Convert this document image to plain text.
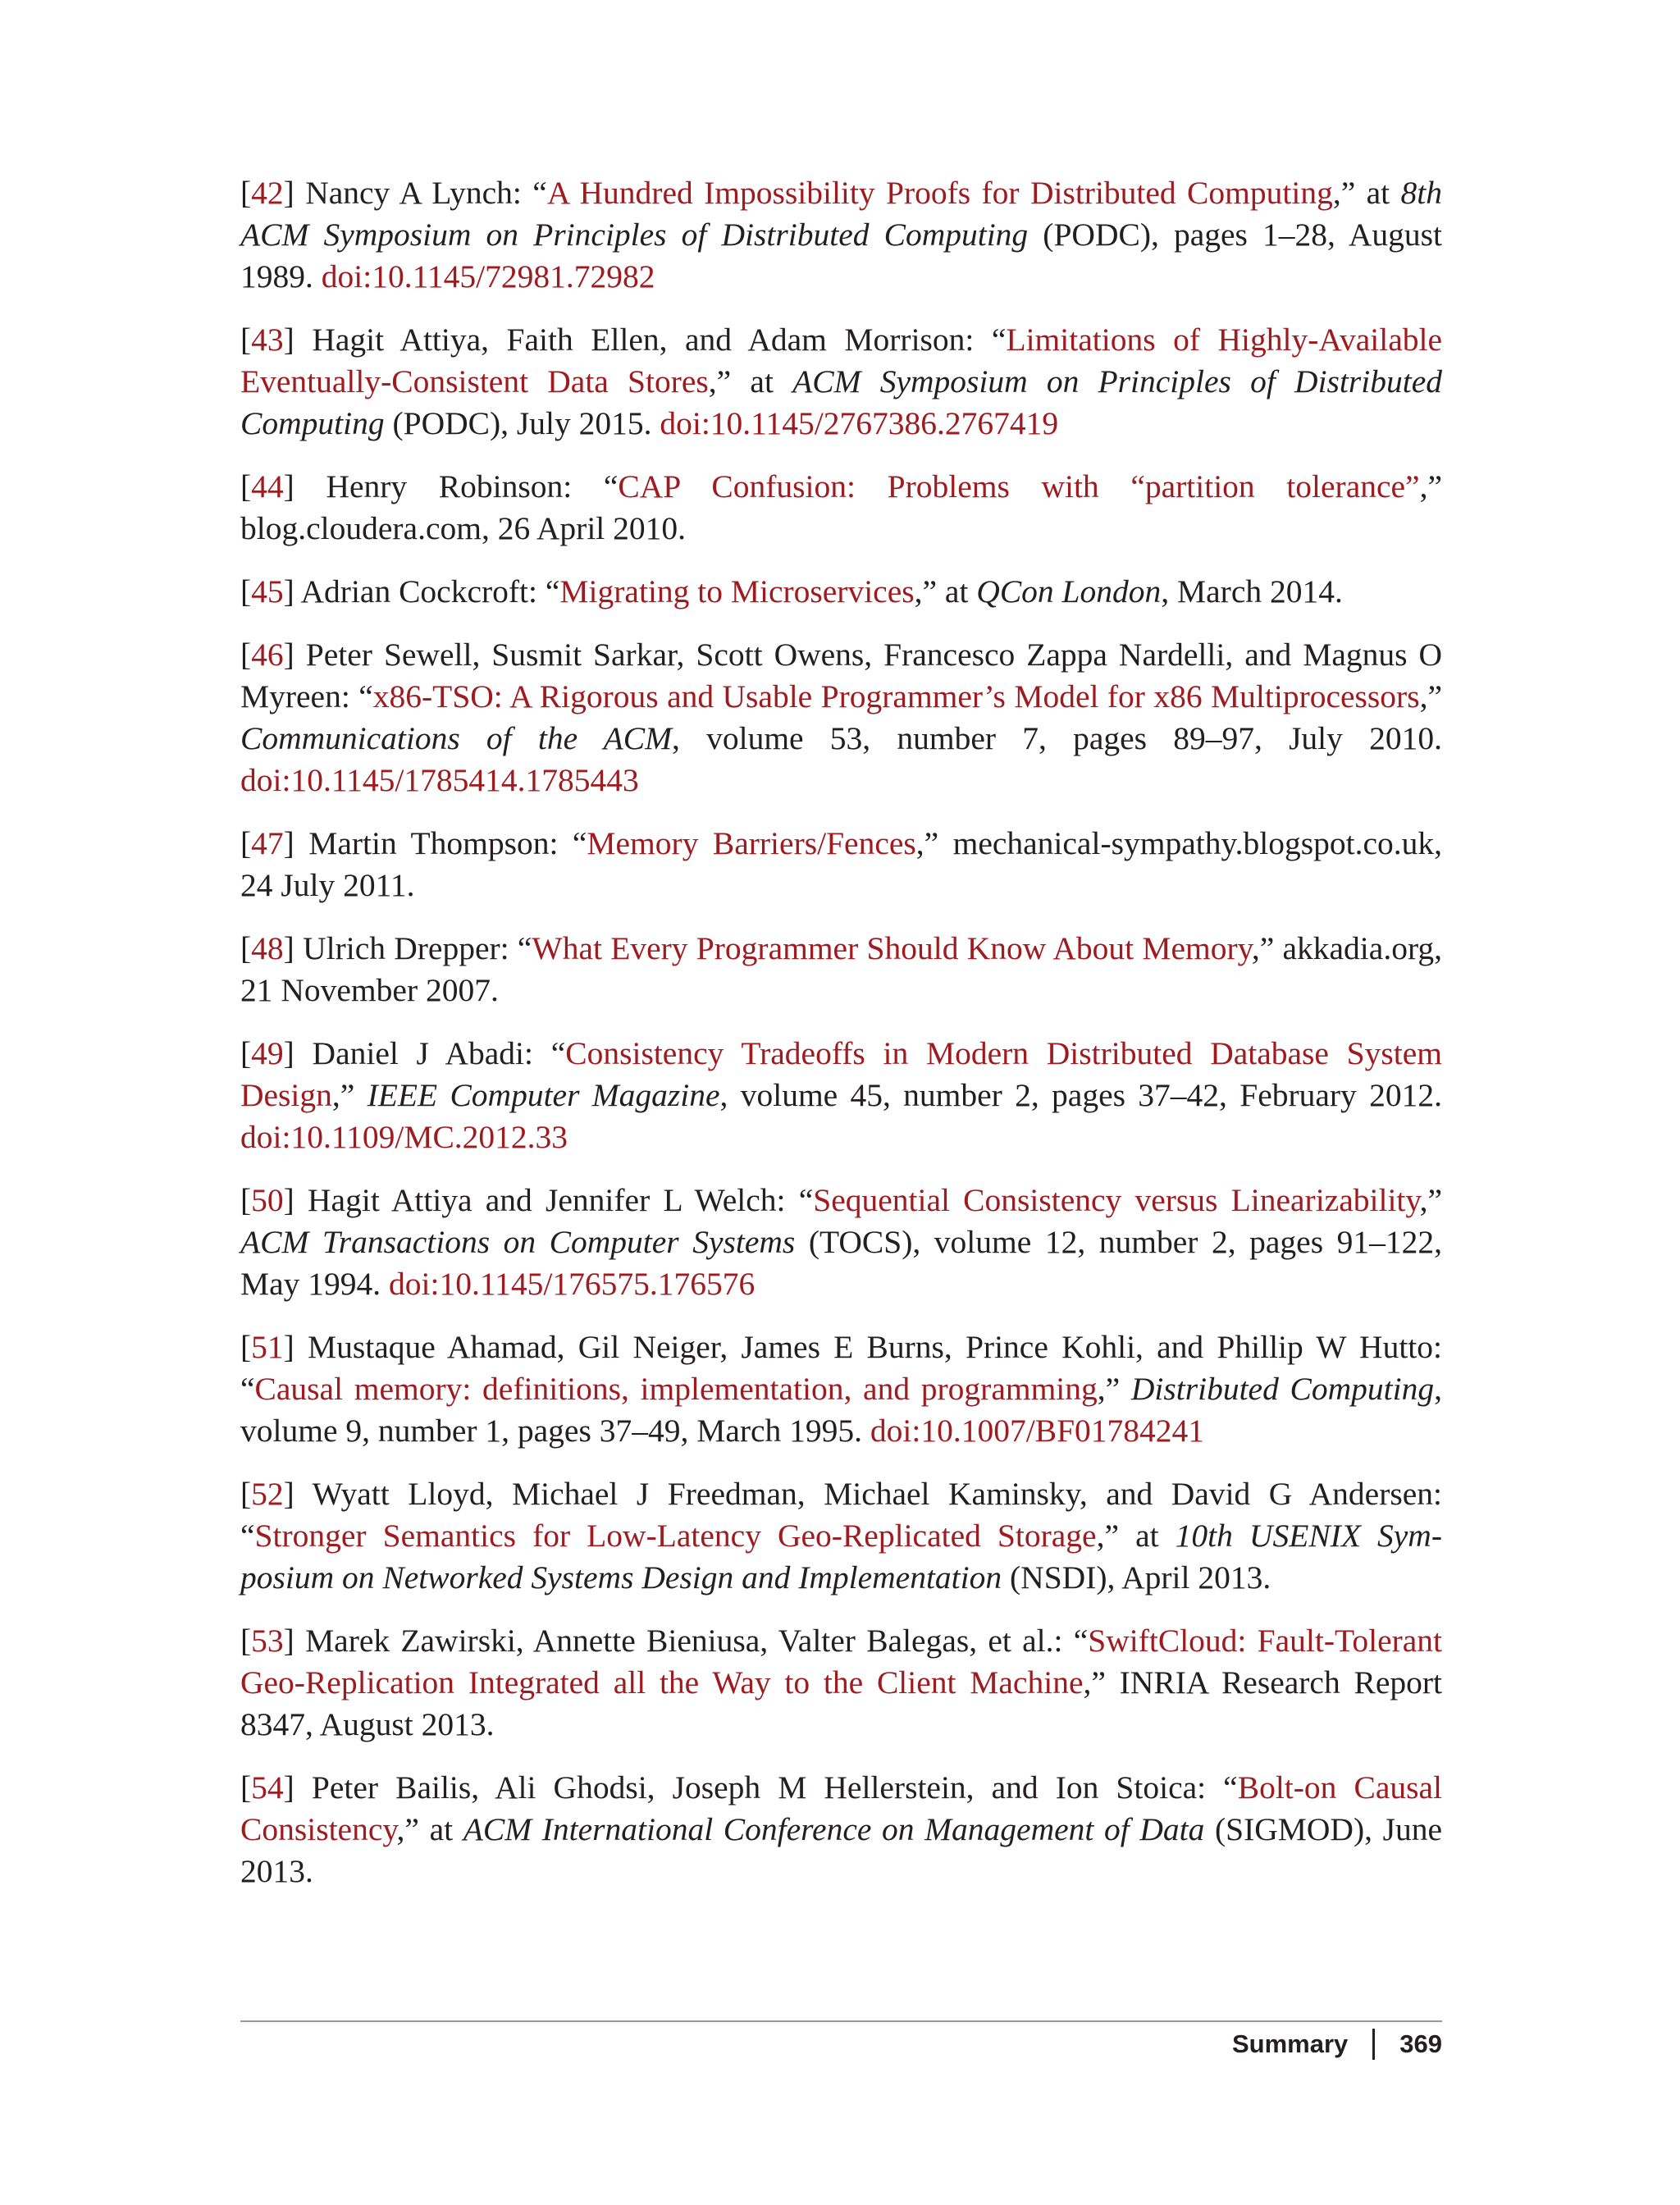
[42] Nancy A Lynch: “A Hundred Impossibility Proofs for Distributed Computing,” at 8th ACM Symposium on Principles of Distributed Computing (PODC), pages 1–28, August 1989. doi:10.1145/72981.72982

[43] Hagit Attiya, Faith Ellen, and Adam Morrison: “Limitations of Highly-Available Eventually-Consistent Data Stores,” at ACM Symposium on Principles of Distributed Computing (PODC), July 2015. doi:10.1145/2767386.2767419

[44] Henry Robinson: “CAP Confusion: Problems with “partition tolerance”,” blog.cloudera.com, 26 April 2010.

[45] Adrian Cockcroft: “Migrating to Microservices,” at QCon London, March 2014.

[46] Peter Sewell, Susmit Sarkar, Scott Owens, Francesco Zappa Nardelli, and Magnus O Myreen: “x86-TSO: A Rigorous and Usable Programmer’s Model for x86 Multiprocessors,” Communications of the ACM, volume 53, number 7, pages 89–97, July 2010. doi:10.1145/1785414.1785443

[47] Martin Thompson: “Memory Barriers/Fences,” mechanical-sympathy.blogspot.co.uk, 24 July 2011.

[48] Ulrich Drepper: “What Every Programmer Should Know About Memory,” akkadia.org, 21 November 2007.

[49] Daniel J Abadi: “Consistency Tradeoffs in Modern Distributed Database System Design,” IEEE Computer Magazine, volume 45, number 2, pages 37–42, February 2012. doi:10.1109/MC.2012.33

[50] Hagit Attiya and Jennifer L Welch: “Sequential Consistency versus Linearizability,” ACM Transactions on Computer Systems (TOCS), volume 12, number 2, pages 91–122, May 1994. doi:10.1145/176575.176576

[51] Mustaque Ahamad, Gil Neiger, James E Burns, Prince Kohli, and Phillip W Hutto: “Causal memory: definitions, implementation, and programming,” Distributed Computing, volume 9, number 1, pages 37–49, March 1995. doi:10.1007/​BF01784241

[52] Wyatt Lloyd, Michael J Freedman, Michael Kaminsky, and David G Andersen: “Stronger Semantics for Low-Latency Geo-Replicated Storage,” at 10th USENIX Symposium on Networked Systems Design and Implementation (NSDI), April 2013.

[53] Marek Zawirski, Annette Bieniusa, Valter Balegas, et al.: “SwiftCloud: Fault-Tolerant Geo-Replication Integrated all the Way to the Client Machine,” INRIA Research Report 8347, August 2013.

[54] Peter Bailis, Ali Ghodsi, Joseph M Hellerstein, and Ion Stoica: “Bolt-on Causal Consistency,” at ACM International Conference on Management of Data (SIGMOD), June 2013.

Summary 369
